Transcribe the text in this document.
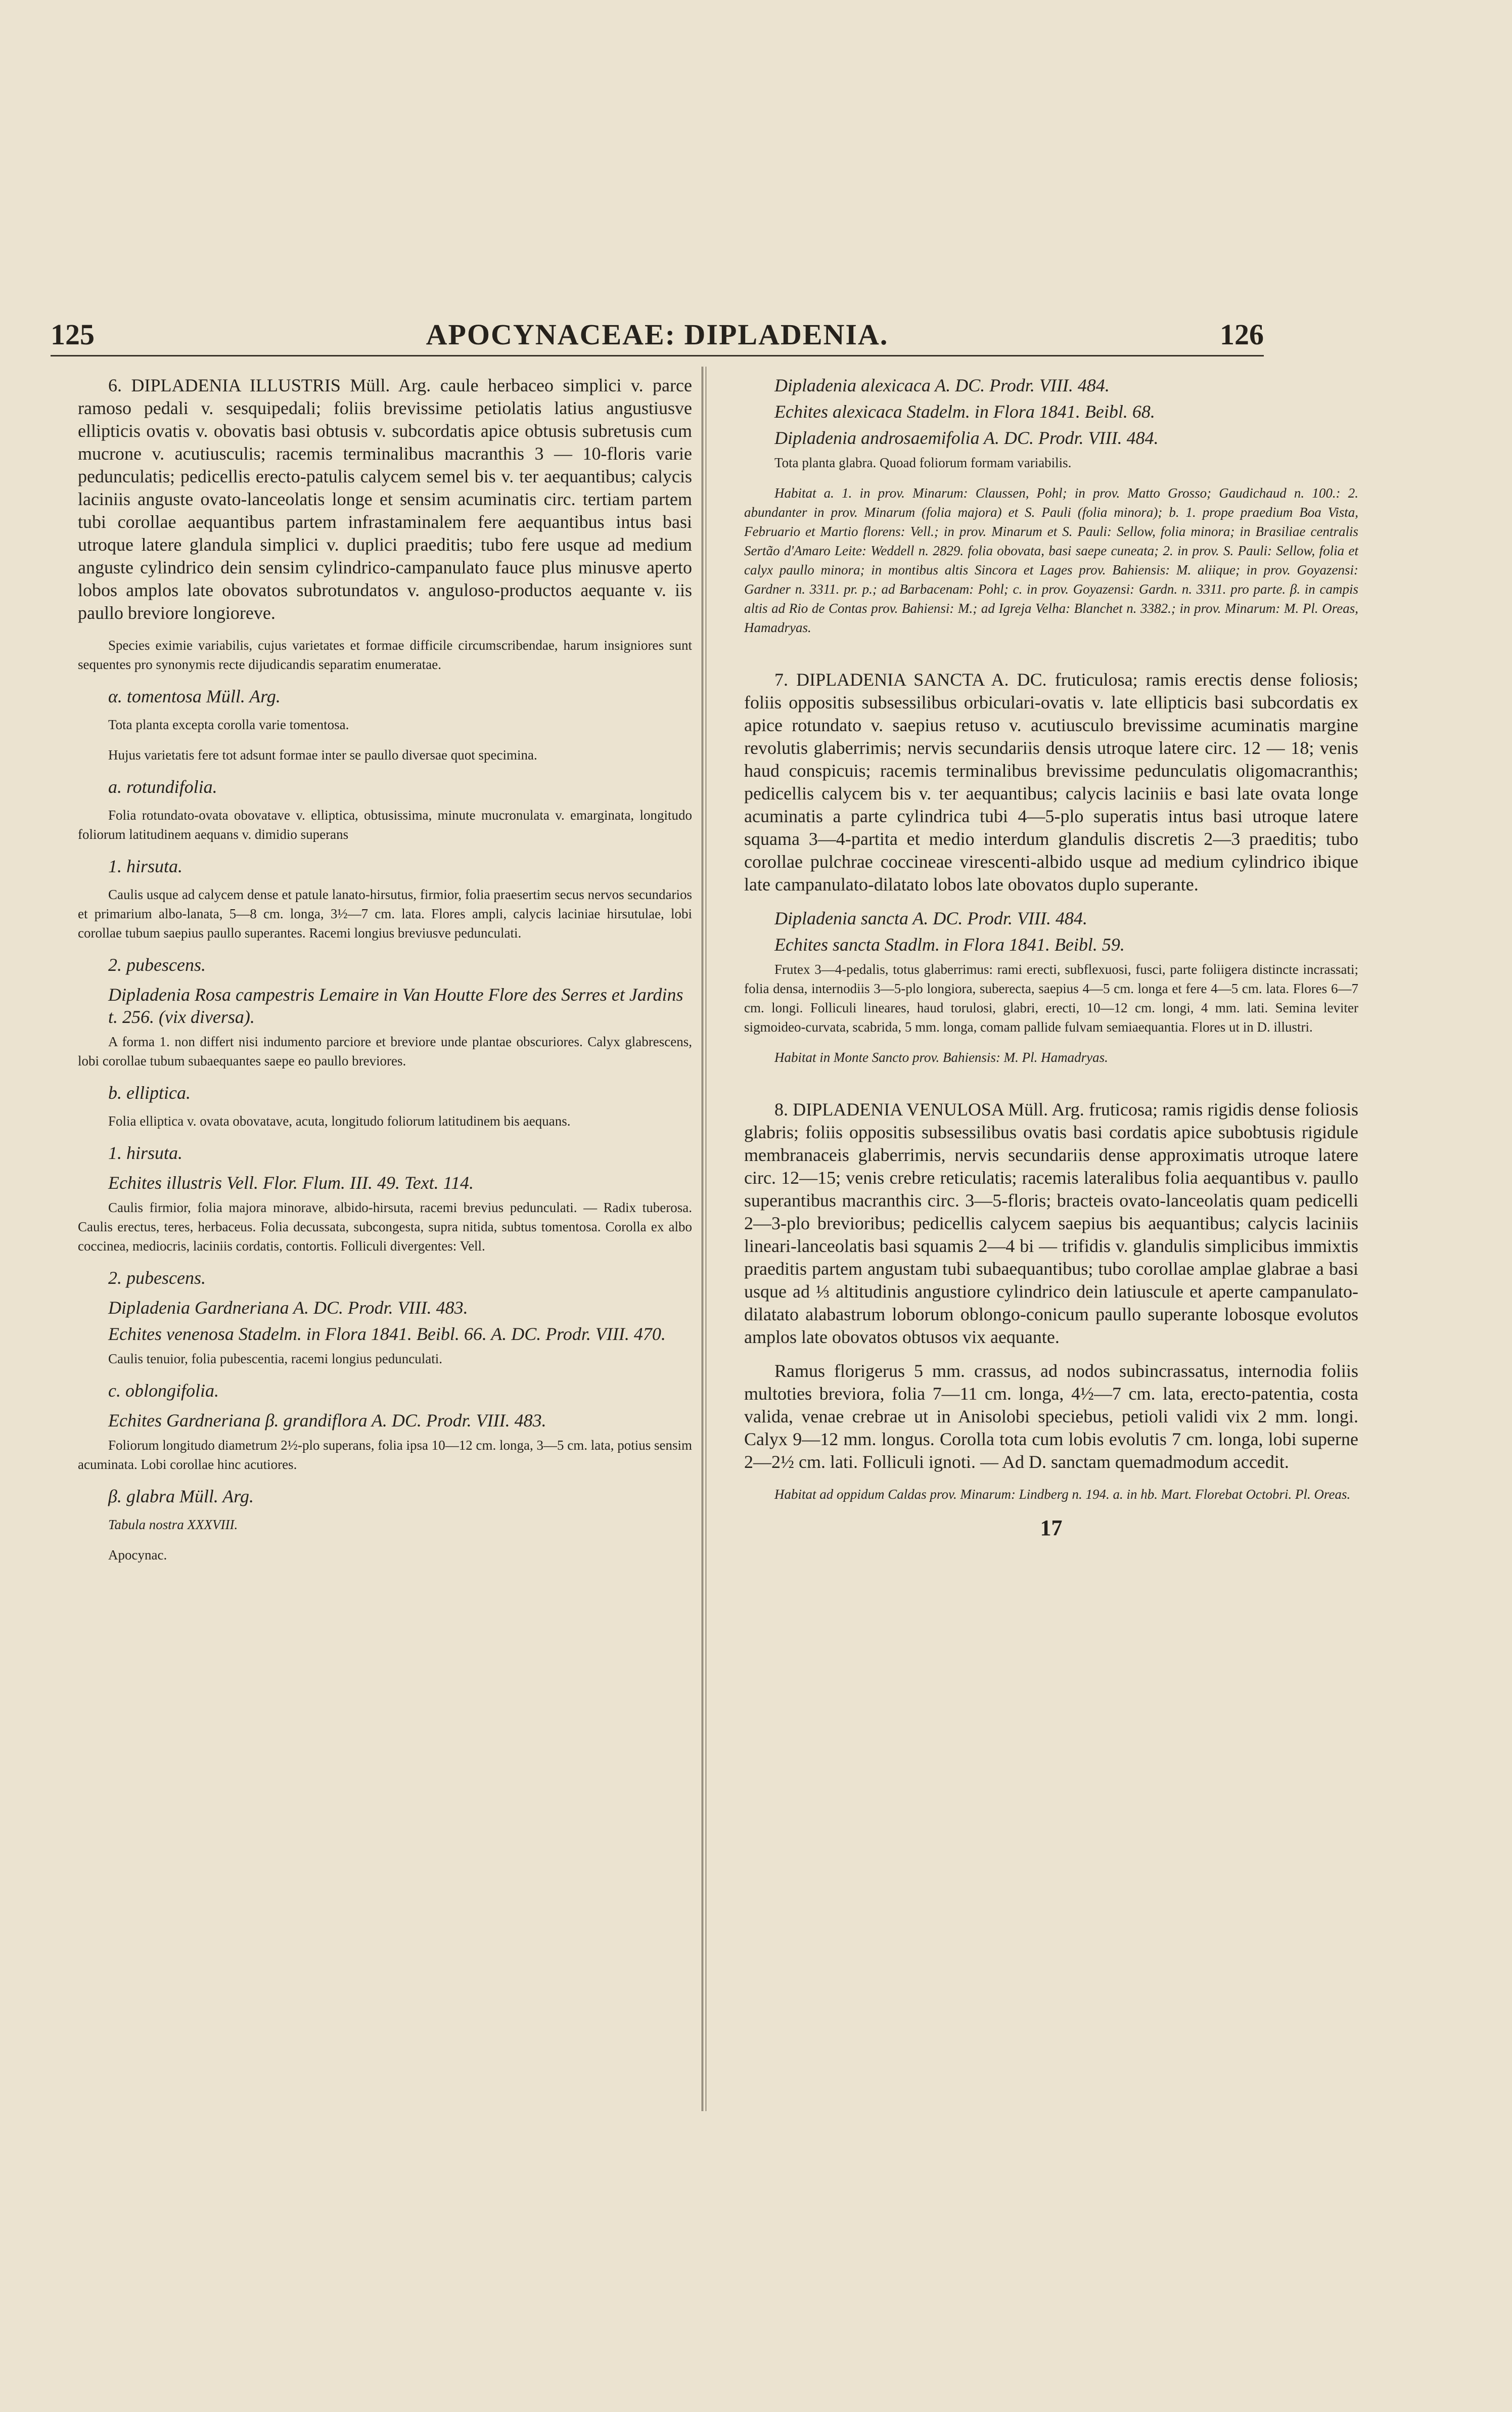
125	APOCYNACEAE: DIPLADENIA.	126

6. DIPLADENIA ILLUSTRIS Müll. Arg. caule herbaceo simplici v. parce ramoso pedali v. sesquipedali; foliis brevissime petiolatis latius angustiusve ellipticis ovatis v. obovatis basi obtusis v. subcordatis apice obtusis subretusis cum mucrone v. acutiusculis; racemis terminalibus macranthis 3 — 10-floris varie pedunculatis; pedicellis erecto-patulis calycem semel bis v. ter aequantibus; calycis laciniis anguste ovato-lanceolatis longe et sensim acuminatis circ. tertiam partem tubi corollae aequantibus partem infrastaminalem fere aequantibus intus basi utroque latere glandula simplici v. duplici praeditis; tubo fere usque ad medium anguste cylindrico dein sensim cylindrico-campanulato fauce plus minusve aperto lobos amplos late obovatos subrotundatos v. anguloso-productos aequante v. iis paullo breviore longioreve.

Species eximie variabilis, cujus varietates et formae difficile circumscribendae, harum insigniores sunt sequentes pro synonymis recte dijudicandis separatim enumeratae.

α. tomentosa Müll. Arg.

Tota planta excepta corolla varie tomentosa.

Hujus varietatis fere tot adsunt formae inter se paullo diversae quot specimina.

a. rotundifolia.

Folia rotundato-ovata obovatave v. elliptica, obtusissima, minute mucronulata v. emarginata, longitudo foliorum latitudinem aequans v. dimidio superans

1. hirsuta.

Caulis usque ad calycem dense et patule lanato-hirsutus, firmior, folia praesertim secus nervos secundarios et primarium albo-lanata, 5—8 cm. longa, 3½—7 cm. lata. Flores ampli, calycis laciniae hirsutulae, lobi corollae tubum saepius paullo superantes. Racemi longius breviusve pedunculati.

2. pubescens.

Dipladenia Rosa campestris Lemaire in Van Houtte Flore des Serres et Jardins t. 256. (vix diversa).

A forma 1. non differt nisi indumento parciore et breviore unde plantae obscuriores. Calyx glabrescens, lobi corollae tubum subaequantes saepe eo paullo breviores.

b. elliptica.

Folia elliptica v. ovata obovatave, acuta, longitudo foliorum latitudinem bis aequans.

1. hirsuta.

Echites illustris Vell. Flor. Flum. III. 49. Text. 114.

Caulis firmior, folia majora minorave, albido-hirsuta, racemi brevius pedunculati. — Radix tuberosa. Caulis erectus, teres, herbaceus. Folia decussata, subcongesta, supra nitida, subtus tomentosa. Corolla ex albo coccinea, mediocris, laciniis cordatis, contortis. Folliculi divergentes: Vell.

2. pubescens.

Dipladenia Gardneriana A. DC. Prodr. VIII. 483.

Echites venenosa Stadelm. in Flora 1841. Beibl. 66. A. DC. Prodr. VIII. 470.

Caulis tenuior, folia pubescentia, racemi longius pedunculati.

c. oblongifolia.

Echites Gardneriana β. grandiflora A. DC. Prodr. VIII. 483.

Foliorum longitudo diametrum 2½-plo superans, folia ipsa 10—12 cm. longa, 3—5 cm. lata, potius sensim acuminata. Lobi corollae hinc acutiores.

β. glabra Müll. Arg.

Tabula nostra XXXVIII.

Apocynac.

Dipladenia alexicaca A. DC. Prodr. VIII. 484.

Echites alexicaca Stadelm. in Flora 1841. Beibl. 68.

Dipladenia androsaemifolia A. DC. Prodr. VIII. 484.

Tota planta glabra. Quoad foliorum formam variabilis.

Habitat a. 1. in prov. Minarum: Claussen, Pohl; in prov. Matto Grosso; Gaudichaud n. 100.: 2. abundanter in prov. Minarum (folia majora) et S. Pauli (folia minora); b. 1. prope praedium Boa Vista, Februario et Martio florens: Vell.; in prov. Minarum et S. Pauli: Sellow, folia minora; in Brasiliae centralis Sertão d'Amaro Leite: Weddell n. 2829. folia obovata, basi saepe cuneata; 2. in prov. S. Pauli: Sellow, folia et calyx paullo minora; in montibus altis Sincora et Lages prov. Bahiensis: M. aliique; in prov. Goyazensi: Gardner n. 3311. pr. p.; ad Barbacenam: Pohl; c. in prov. Goyazensi: Gardn. n. 3311. pro parte. β. in campis altis ad Rio de Contas prov. Bahiensi: M.; ad Igreja Velha: Blanchet n. 3382.; in prov. Minarum: M. Pl. Oreas, Hamadryas.

7. DIPLADENIA SANCTA A. DC. fruticulosa; ramis erectis dense foliosis; foliis oppositis subsessilibus orbiculari-ovatis v. late ellipticis basi subcordatis ex apice rotundato v. saepius retuso v. acutiusculo brevissime acuminatis margine revolutis glaberrimis; nervis secundariis densis utroque latere circ. 12 — 18; venis haud conspicuis; racemis terminalibus brevissime pedunculatis oligomacranthis; pedicellis calycem bis v. ter aequantibus; calycis laciniis e basi late ovata longe acuminatis a parte cylindrica tubi 4—5-plo superatis intus basi utroque latere squama 3—4-partita et medio interdum glandulis discretis 2—3 praeditis; tubo corollae pulchrae coccineae virescenti-albido usque ad medium cylindrico ibique late campanulato-dilatato lobos late obovatos duplo superante.

Dipladenia sancta A. DC. Prodr. VIII. 484.

Echites sancta Stadlm. in Flora 1841. Beibl. 59.

Frutex 3—4-pedalis, totus glaberrimus: rami erecti, subflexuosi, fusci, parte foliigera distincte incrassati; folia densa, internodiis 3—5-plo longiora, suberecta, saepius 4—5 cm. longa et fere 4—5 cm. lata. Flores 6—7 cm. longi. Folliculi lineares, haud torulosi, glabri, erecti, 10—12 cm. longi, 4 mm. lati. Semina leviter sigmoideo-curvata, scabrida, 5 mm. longa, comam pallide fulvam semiaequantia. Flores ut in D. illustri.

Habitat in Monte Sancto prov. Bahiensis: M. Pl. Hamadryas.

8. DIPLADENIA VENULOSA Müll. Arg. fruticosa; ramis rigidis dense foliosis glabris; foliis oppositis subsessilibus ovatis basi cordatis apice subobtusis rigidule membranaceis glaberrimis, nervis secundariis dense approximatis utroque latere circ. 12—15; venis crebre reticulatis; racemis lateralibus folia aequantibus v. paullo superantibus macranthis circ. 3—5-floris; bracteis ovato-lanceolatis quam pedicelli 2—3-plo brevioribus; pedicellis calycem saepius bis aequantibus; calycis laciniis lineari-lanceolatis basi squamis 2—4 bi — trifidis v. glandulis simplicibus immixtis praeditis partem angustam tubi subaequantibus; tubo corollae amplae glabrae a basi usque ad ⅓ altitudinis angustiore cylindrico dein latiuscule et aperte campanulato-dilatato alabastrum loborum oblongo-conicum paullo superante lobosque evolutos amplos late obovatos obtusos vix aequante.

Ramus florigerus 5 mm. crassus, ad nodos subincrassatus, internodia foliis multoties breviora, folia 7—11 cm. longa, 4½—7 cm. lata, erecto-patentia, costa valida, venae crebrae ut in Anisolobi speciebus, petioli validi vix 2 mm. longi. Calyx 9—12 mm. longus. Corolla tota cum lobis evolutis 7 cm. longa, lobi superne 2—2½ cm. lati. Folliculi ignoti. — Ad D. sanctam quemadmodum accedit.

Habitat ad oppidum Caldas prov. Minarum: Lindberg n. 194. a. in hb. Mart. Florebat Octobri. Pl. Oreas.

17
